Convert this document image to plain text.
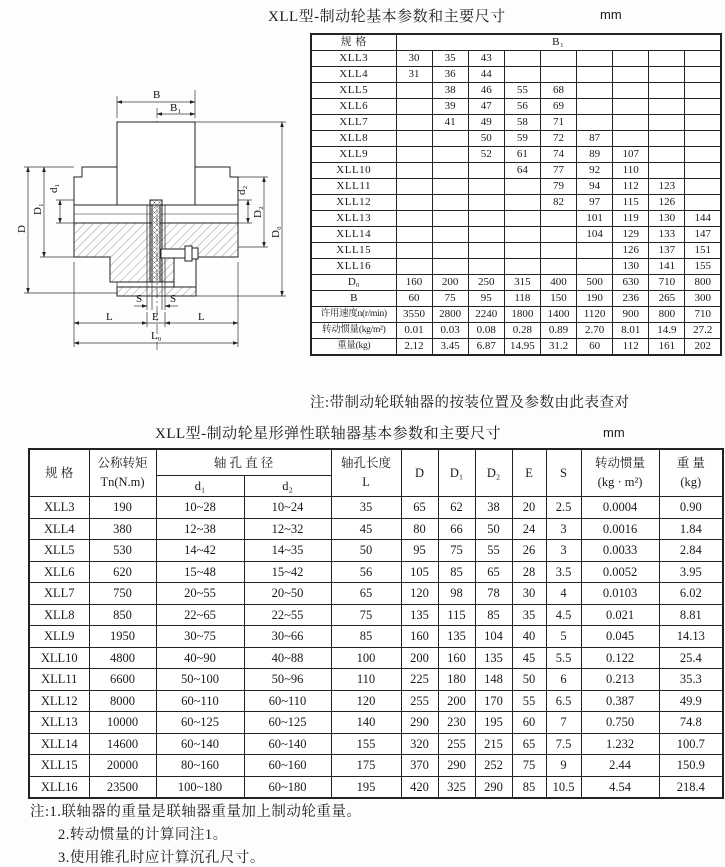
XLL型-制动轮基本参数和主要尺寸	mm
B
B₁
D
D₁
d₁	d₂
D₂
D₀
S	S
L	E	L
L₀
规 格	B₁								
XLL3	30	35	43						
XLL4	31	36	44						
XLL5		38	46	55	68				
XLL6		39	47	56	69				
XLL7		41	49	58	71				
XLL8			50	59	72	87			
XLL9			52	61	74	89	107		
XLL10				64	77	92	110		
XLL11					79	94	112	123	
XLL12					82	97	115	126	
XLL13						101	119	130	144
XLL14						104	129	133	147
XLL15							126	137	151
XLL16							130	141	155
D₀	160	200	250	315	400	500	630	710	800
B	60	75	95	118	150	190	236	265	300
许用速度n(r/min)	3550	2800	2240	1800	1400	1120	900	800	710
转动惯量(kg/m²)	0.01	0.03	0.08	0.28	0.89	2.70	8.01	14.9	27.2
重量(kg)	2.12	3.45	6.87	14.95	31.2	60	112	161	202
注:带制动轮联轴器的按装位置及参数由此表查对
XLL型-制动轮星形弹性联轴器基本参数和主要尺寸	mm
规 格	
公称转矩
Tn(N.m)
	轴 孔 直 径	轴孔长度
L
	D	D₁	D₂	E	S	
转动惯量
(kg · m²)

重 量
(kg)

		d₁	d₂								
XLL3	190	10~28	10~24	35	65	62	38	20	2.5	0.0004	0.90
XLL4	380	12~38	12~32	45	80	66	50	24	3	0.0016	1.84
XLL5	530	14~42	14~35	50	95	75	55	26	3	0.0033	2.84
XLL6	620	15~48	15~42	56	105	85	65	28	3.5	0.0052	3.95
XLL7	750	20~55	20~50	65	120	98	78	30	4	0.0103	6.02
XLL8	850	22~65	22~55	75	135	115	85	35	4.5	0.021	8.81
XLL9	1950	30~75	30~66	85	160	135	104	40	5	0.045	14.13
XLL10	4800	40~90	40~88	100	200	160	135	45	5.5	0.122	25.4
XLL11	6600	50~100	50~96	110	225	180	148	50	6	0.213	35.3
XLL12	8000	60~110	60~110	120	255	200	170	55	6.5	0.387	49.9
XLL13	10000	60~125	60~125	140	290	230	195	60	7	0.750	74.8
XLL14	14600	60~140	60~140	155	320	255	215	65	7.5	1.232	100.7
XLL15	20000	80~160	60~160	175	370	290	252	75	9	2.44	150.9
XLL16	23500	100~180	60~180	195	420	325	290	85	10.5	4.54	218.4
注:1.联轴器的重量是联轴器重量加上制动轮重量。
2.转动惯量的计算同注1。
3.使用锥孔时应计算沉孔尺寸。
